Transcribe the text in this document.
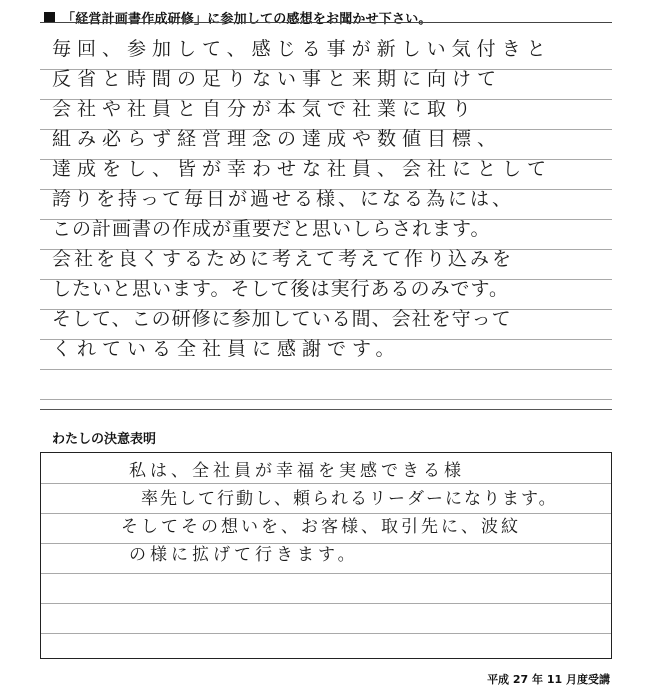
「経営計画書作成研修」に参加しての感想をお聞かせ下さい。
毎回、参加して、感じる事が新しい気付きと
反省と時間の足りない事と来期に向けて
会社や社員と自分が本気で社業に取り
組み必らず経営理念の達成や数値目標、
達成をし、皆が幸わせな社員、会社にとして
誇りを持って毎日が過せる様、になる為には、
この計画書の作成が重要だと思いしらされます。
会社を良くするために考えて考えて作り込みを
したいと思います。そして後は実行あるのみです。
そして、この研修に参加している間、会社を守って
くれている全社員に感謝です。
わたしの決意表明
私は、全社員が幸福を実感できる様
率先して行動し、頼られるリーダーになります。
そしてその想いを、お客様、取引先に、波紋
の様に拡げて行きます。
平成 27 年 11 月度受講
